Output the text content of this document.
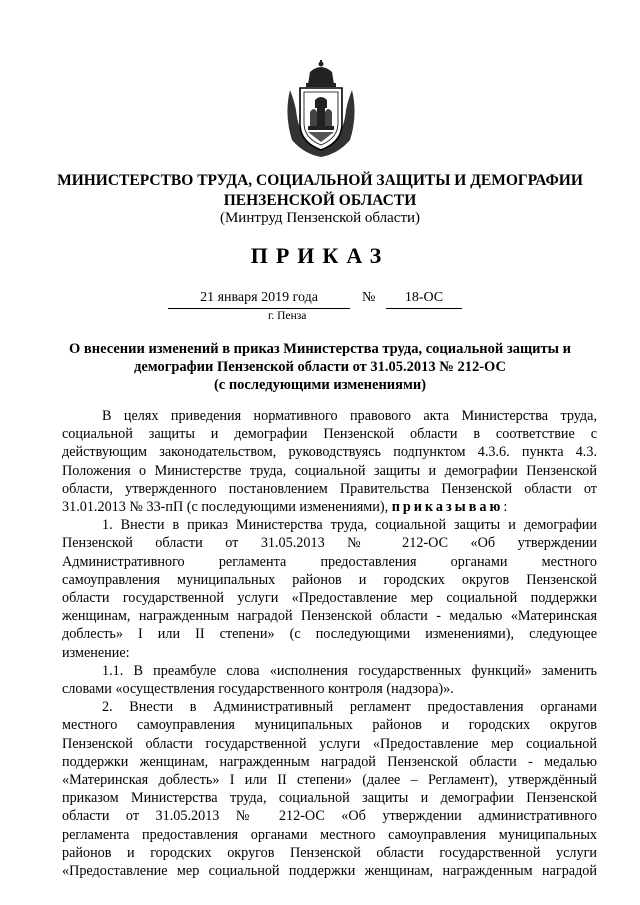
МИНИСТЕРСТВО ТРУДА, СОЦИАЛЬНОЙ ЗАЩИТЫ И ДЕМОГРАФИИ
ПЕНЗЕНСКОЙ ОБЛАСТИ
(Минтруд Пензенской области)
ПРИКАЗ
21 января 2019 года	№	18-ОС
г. Пенза
О внесении изменений в приказ Министерства труда, социальной защиты и
демографии Пензенской области от 31.05.2013 № 212-ОС
(с последующими изменениями)

В целях приведения нормативного правового акта Министерства труда,

социальной защиты и демографии Пензенской области в соответствие с

действующим законодательством, руководствуясь подпунктом 4.3.6. пункта 4.3.

Положения о Министерстве труда, социальной защиты и демографии Пензенской

области, утвержденного постановлением Правительства Пензенской области от

31.01.2013 № 33-пП (с последующими изменениями), приказываю:

1. Внести в приказ Министерства труда, социальной защиты и демографии

Пензенской области от 31.05.2013 № 212-ОС «Об утверждении

Административного регламента предоставления органами местного

самоуправления муниципальных районов и городских округов Пензенской

области государственной услуги «Предоставление мер социальной поддержки

женщинам, награжденным наградой Пензенской области - медалью «Материнская

доблесть» I или II степени» (с последующими изменениями), следующее

изменение:

1.1. В преамбуле слова «исполнения государственных функций» заменить

словами «осуществления государственного контроля (надзора)».

2. Внести в Административный регламент предоставления органами

местного самоуправления муниципальных районов и городских округов

Пензенской области государственной услуги «Предоставление мер социальной

поддержки женщинам, награжденным наградой Пензенской области - медалью

«Материнская доблесть» I или II степени» (далее – Регламент), утверждённый

приказом Министерства труда, социальной защиты и демографии Пензенской

области от 31.05.2013 № 212-ОС «Об утверждении административного

регламента предоставления органами местного самоуправления муниципальных

районов и городских округов Пензенской области государственной услуги

«Предоставление мер социальной поддержки женщинам, награжденным наградой
